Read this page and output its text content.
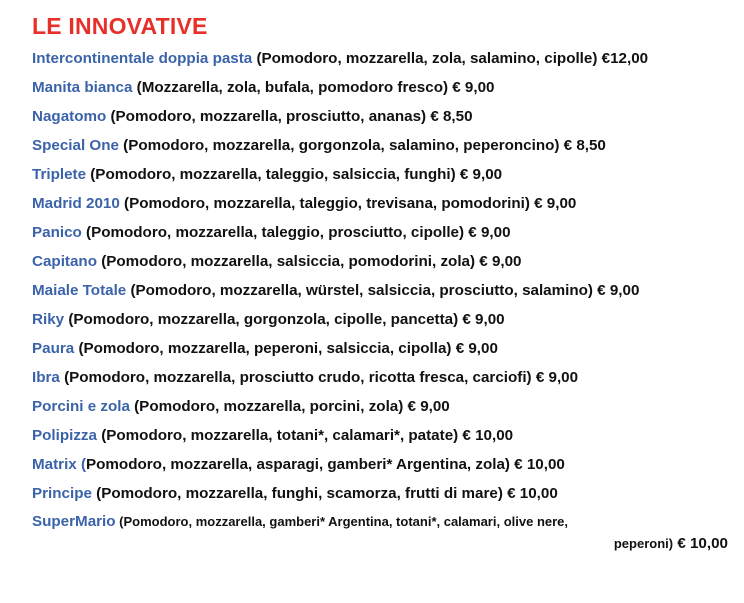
LE INNOVATIVE
Intercontinentale doppia pasta (Pomodoro, mozzarella, zola, salamino, cipolle) €12,00
Manita bianca (Mozzarella, zola, bufala, pomodoro fresco) € 9,00
Nagatomo (Pomodoro, mozzarella, prosciutto, ananas) € 8,50
Special One (Pomodoro, mozzarella, gorgonzola, salamino, peperoncino) € 8,50
Triplete (Pomodoro, mozzarella, taleggio, salsiccia, funghi) € 9,00
Madrid 2010 (Pomodoro, mozzarella, taleggio, trevisana, pomodorini) € 9,00
Panico (Pomodoro, mozzarella, taleggio, prosciutto, cipolle) € 9,00
Capitano (Pomodoro, mozzarella, salsiccia, pomodorini, zola) € 9,00
Maiale Totale (Pomodoro, mozzarella, würstel, salsiccia, prosciutto, salamino) € 9,00
Riky (Pomodoro, mozzarella, gorgonzola, cipolle, pancetta) € 9,00
Paura (Pomodoro, mozzarella, peperoni, salsiccia, cipolla) € 9,00
Ibra (Pomodoro, mozzarella, prosciutto crudo, ricotta fresca, carciofi) € 9,00
Porcini e zola (Pomodoro, mozzarella, porcini, zola) € 9,00
Polipizza (Pomodoro, mozzarella, totani*, calamari*, patate) € 10,00
Matrix (Pomodoro, mozzarella, asparagi, gamberi* Argentina, zola) € 10,00
Principe (Pomodoro, mozzarella, funghi, scamorza, frutti di mare) € 10,00
SuperMario (Pomodoro, mozzarella, gamberi* Argentina, totani*, calamari, olive nere,
peperoni) € 10,00
